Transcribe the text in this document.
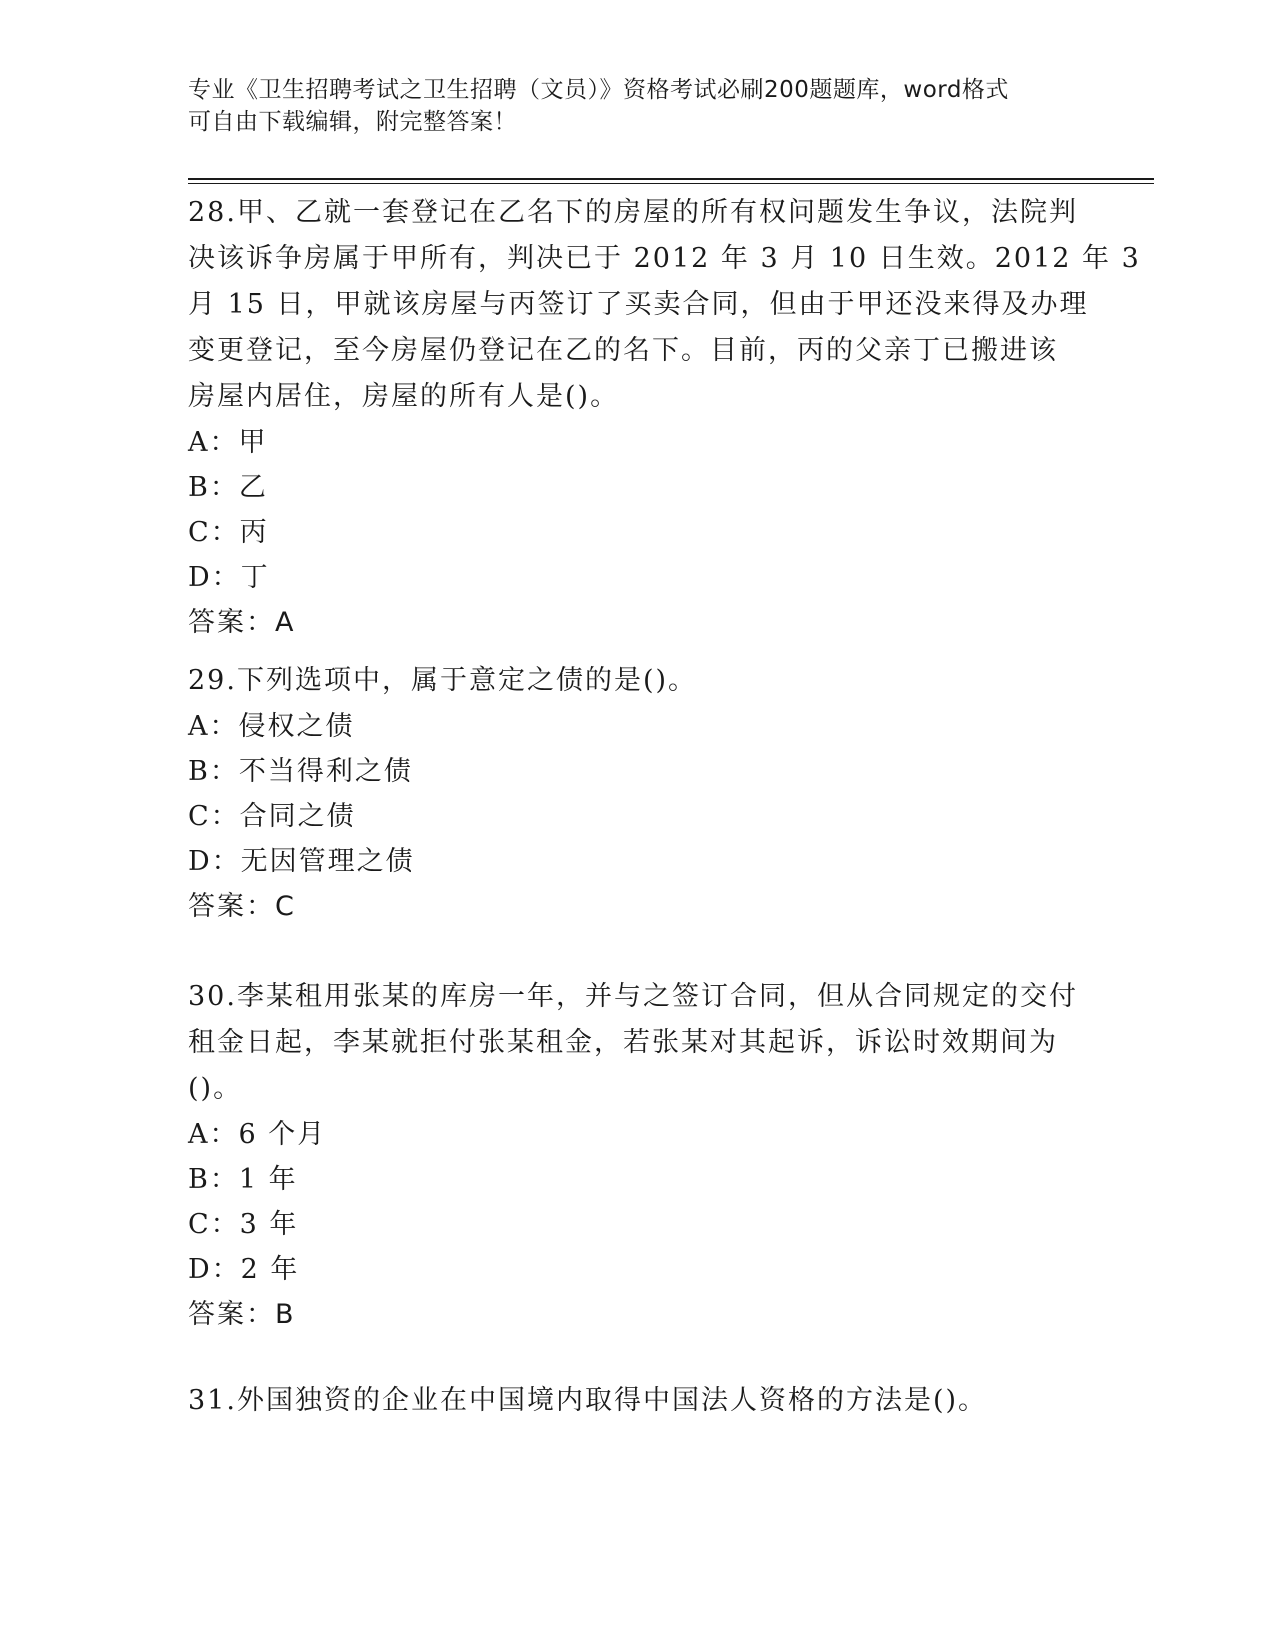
专业《卫生招聘考试之卫生招聘（文员）》资格考试必刷200题题库，word格式
可自由下载编辑，附完整答案！
28.甲、乙就一套登记在乙名下的房屋的所有权问题发生争议，法院判
决该诉争房属于甲所有，判决已于 2012 年 3 月 10 日生效。2012 年 3
月 15 日，甲就该房屋与丙签订了买卖合同，但由于甲还没来得及办理
变更登记，至今房屋仍登记在乙的名下。目前，丙的父亲丁已搬进该
房屋内居住，房屋的所有人是()。
A：甲
B：乙
C：丙
D：丁
答案：A
29.下列选项中，属于意定之债的是()。
A：侵权之债
B：不当得利之债
C：合同之债
D：无因管理之债
答案：C
30.李某租用张某的库房一年，并与之签订合同，但从合同规定的交付
租金日起，李某就拒付张某租金，若张某对其起诉，诉讼时效期间为
()。
A：6 个月
B：1 年
C：3 年
D：2 年
答案：B
31.外国独资的企业在中国境内取得中国法人资格的方法是()。
